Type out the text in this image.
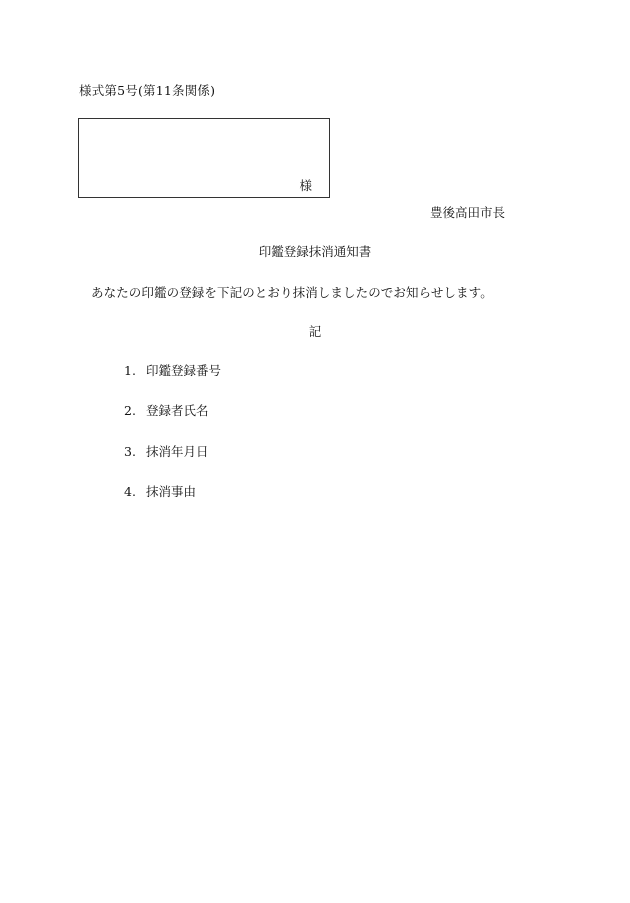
様式第5号(第11条関係)
様
豊後高田市長
印鑑登録抹消通知書
あなたの印鑑の登録を下記のとおり抹消しましたのでお知らせします。
記
1. 印鑑登録番号
2. 登録者氏名
3. 抹消年月日
4. 抹消事由
